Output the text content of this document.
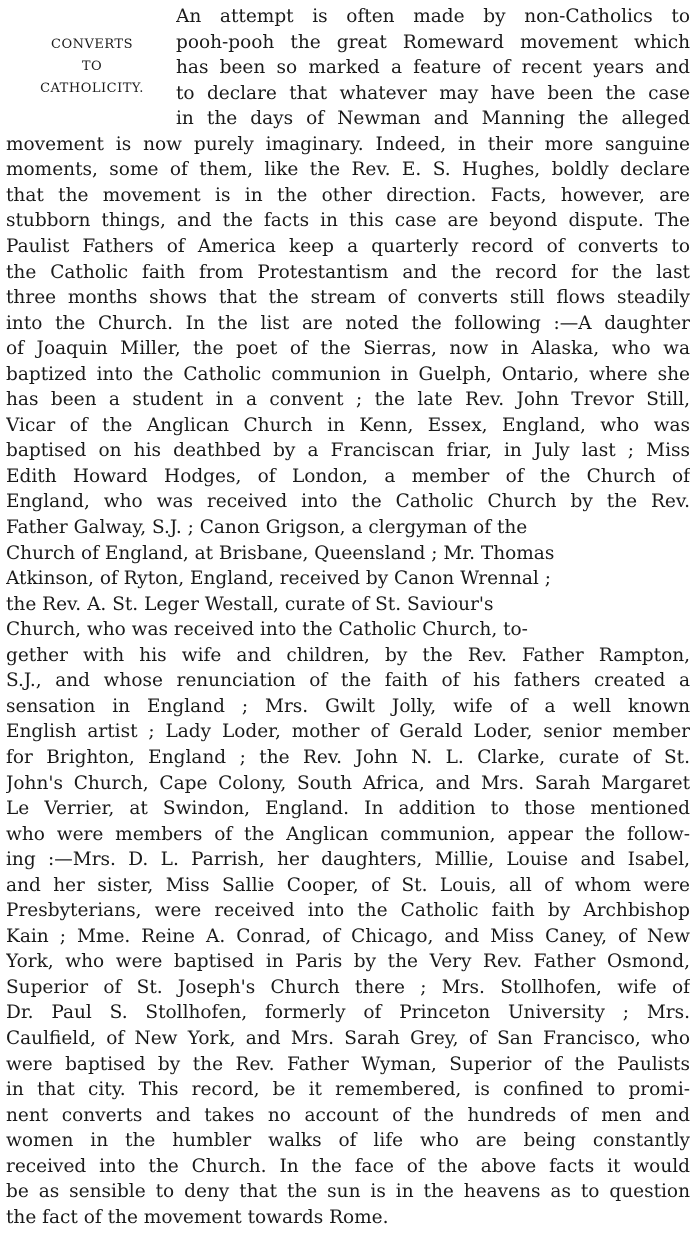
CONVERTS
TO
CATHOLICITY.
An attempt is often made by non-Catholics to
pooh-pooh the great Romeward movement which
has been so marked a feature of recent years and
to declare that whatever may have been the case
in the days of Newman and Manning the alleged
movement is now purely imaginary. Indeed, in their more sanguine
moments, some of them, like the Rev. E. S. Hughes, boldly declare
that the movement is in the other direction. Facts, however, are
stubborn things, and the facts in this case are beyond dispute. The
Paulist Fathers of America keep a quarterly record of converts to
the Catholic faith from Protestantism and the record for the last
three months shows that the stream of converts still flows steadily
into the Church. In the list are noted the following :—A daughter
of Joaquin Miller, the poet of the Sierras, now in Alaska, who wa
baptized into the Catholic communion in Guelph, Ontario, where she
has been a student in a convent ; the late Rev. John Trevor Still,
Vicar of the Anglican Church in Kenn, Essex, England, who was
baptised on his deathbed by a Franciscan friar, in July last ; Miss
Edith Howard Hodges, of London, a member of the Church of
England, who was received into the Catholic Church by the Rev.
Father Galway, S.J. ; Canon Grigson, a clergyman of the
Church of England, at Brisbane, Queensland ; Mr. Thomas
Atkinson, of Ryton, England, received by Canon Wrennal ;
the Rev. A. St. Leger Westall, curate of St. Saviour's
Church, who was received into the Catholic Church, to-
gether with his wife and children, by the Rev. Father Rampton,
S.J., and whose renunciation of the faith of his fathers created a
sensation in England ; Mrs. Gwilt Jolly, wife of a well known
English artist ; Lady Loder, mother of Gerald Loder, senior member
for Brighton, England ; the Rev. John N. L. Clarke, curate of St.
John's Church, Cape Colony, South Africa, and Mrs. Sarah Margaret
Le Verrier, at Swindon, England. In addition to those mentioned
who were members of the Anglican communion, appear the follow-
ing :—Mrs. D. L. Parrish, her daughters, Millie, Louise and Isabel,
and her sister, Miss Sallie Cooper, of St. Louis, all of whom were
Presbyterians, were received into the Catholic faith by Archbishop
Kain ; Mme. Reine A. Conrad, of Chicago, and Miss Caney, of New
York, who were baptised in Paris by the Very Rev. Father Osmond,
Superior of St. Joseph's Church there ; Mrs. Stollhofen, wife of
Dr. Paul S. Stollhofen, formerly of Princeton University ; Mrs.
Caulfield, of New York, and Mrs. Sarah Grey, of San Francisco, who
were baptised by the Rev. Father Wyman, Superior of the Paulists
in that city. This record, be it remembered, is confined to promi-
nent converts and takes no account of the hundreds of men and
women in the humbler walks of life who are being constantly
received into the Church. In the face of the above facts it would
be as sensible to deny that the sun is in the heavens as to question
the fact of the movement towards Rome.
